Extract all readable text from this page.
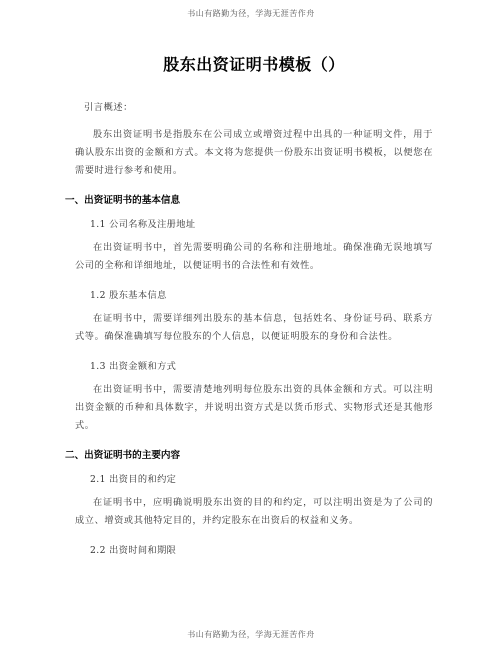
书山有路勤为径，学海无涯苦作舟
股东出资证明书模板（）

引言概述：

股东出资证明书是指股东在公司成立或增资过程中出具的一种证明文件，用于确认股东出资的金额和方式。本文将为您提供一份股东出资证明书模板，以便您在需要时进行参考和使用。

一、出资证明书的基本信息

1.1 公司名称及注册地址

在出资证明书中，首先需要明确公司的名称和注册地址。确保准确无误地填写公司的全称和详细地址，以便证明书的合法性和有效性。

1.2 股东基本信息

在证明书中，需要详细列出股东的基本信息，包括姓名、身份证号码、联系方式等。确保准确填写每位股东的个人信息，以便证明股东的身份和合法性。

1.3 出资金额和方式

在出资证明书中，需要清楚地列明每位股东出资的具体金额和方式。可以注明出资金额的币种和具体数字，并说明出资方式是以货币形式、实物形式还是其他形式。

二、出资证明书的主要内容

2.1 出资目的和约定

在证明书中，应明确说明股东出资的目的和约定，可以注明出资是为了公司的成立、增资或其他特定目的，并约定股东在出资后的权益和义务。

2.2 出资时间和期限

书山有路勤为径，学海无涯苦作舟
